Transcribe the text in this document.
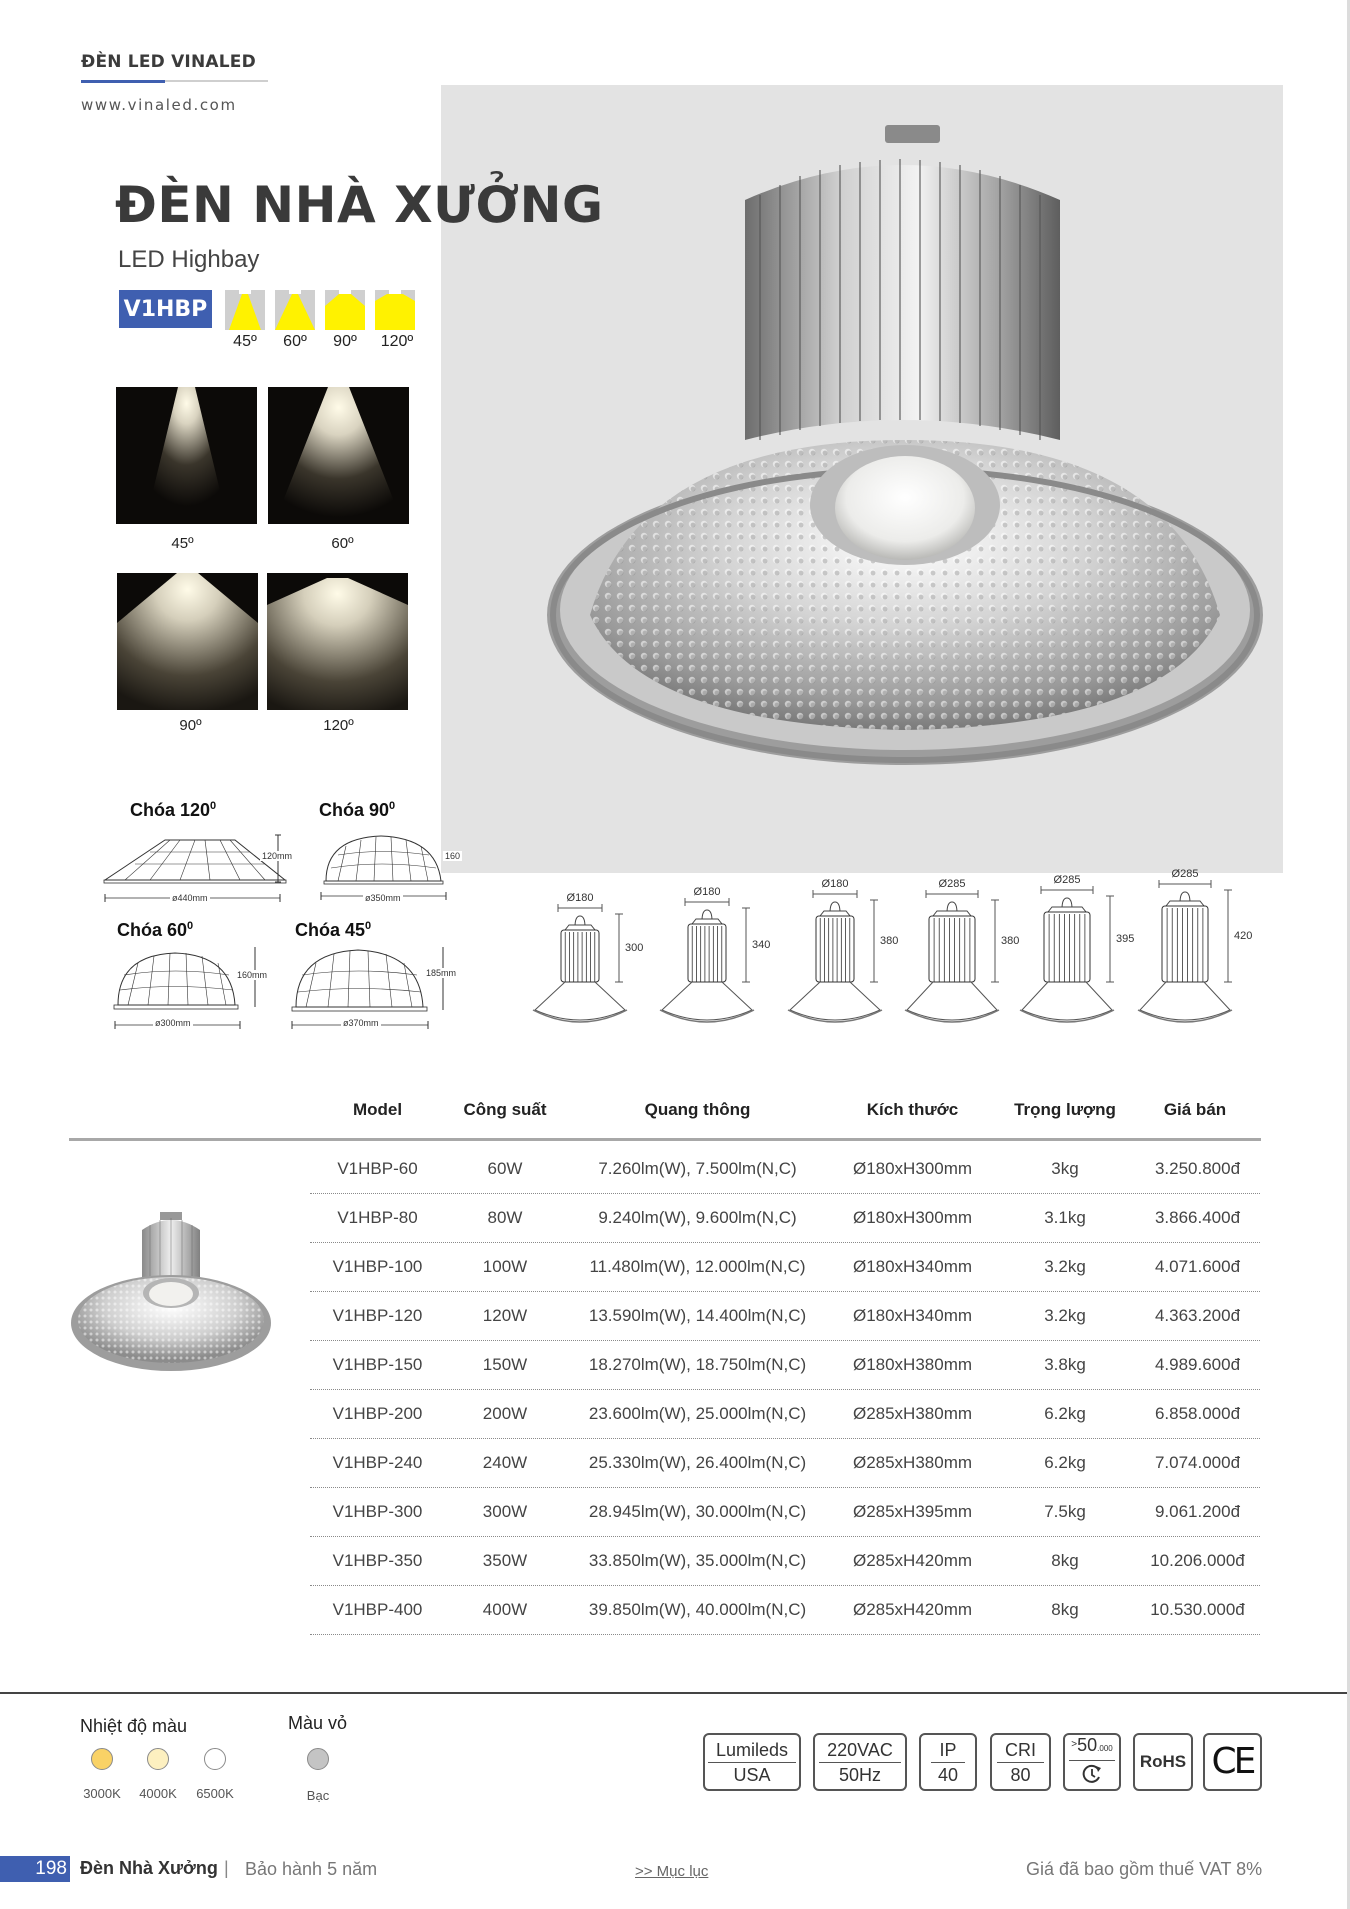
ĐÈN LED VINALED
www.vinaled.com
ĐÈN NHÀ XƯỞNG
LED Highbay
V1HBP
45º	60º	90º	120º
45º	60º
90º	120º
Chóa $120^0$	Chóa $90^0$
Chóa $60^0$	Chóa $45^0$
120mm
ø440mm
160
ø350mm
160mm
ø300mm
185mm
ø370mm
Ø180
300
Ø180
340
Ø180
380
Ø285
380
Ø285
395
Ø285
420
Model	Công suất	Quang thông	Kích thước	Trọng lượng	Giá bán
V1HBP-60	60W	7.260lm(W), 7.500lm(N,C)	Ø180xH300mm	3kg	3.250.800đ
V1HBP-80	80W	9.240lm(W), 9.600lm(N,C)	Ø180xH300mm	3.1kg	3.866.400đ
V1HBP-100	100W	11.480lm(W), 12.000lm(N,C)	Ø180xH340mm	3.2kg	4.071.600đ
V1HBP-120	120W	13.590lm(W), 14.400lm(N,C)	Ø180xH340mm	3.2kg	4.363.200đ
V1HBP-150	150W	18.270lm(W), 18.750lm(N,C)	Ø180xH380mm	3.8kg	4.989.600đ
V1HBP-200	200W	23.600lm(W), 25.000lm(N,C)	Ø285xH380mm	6.2kg	6.858.000đ
V1HBP-240	240W	25.330lm(W), 26.400lm(N,C)	Ø285xH380mm	6.2kg	7.074.000đ
V1HBP-300	300W	28.945lm(W), 30.000lm(N,C)	Ø285xH395mm	7.5kg	9.061.200đ
V1HBP-350	350W	33.850lm(W), 35.000lm(N,C)	Ø285xH420mm	8kg	10.206.000đ
V1HBP-400	400W	39.850lm(W), 40.000lm(N,C)	Ø285xH420mm	8kg	10.530.000đ
Nhiệt độ màu	Màu vỏ
3000K	4000K	6500K	Bạc
Lumileds
USA
220VAC
50Hz
IP
40
CRI
80
>50.000
RoHS CE
198 Đèn Nhà Xưởng | Bảo hành 5 năm	>> Mục lục	Giá đã bao gồm thuế VAT 8%
